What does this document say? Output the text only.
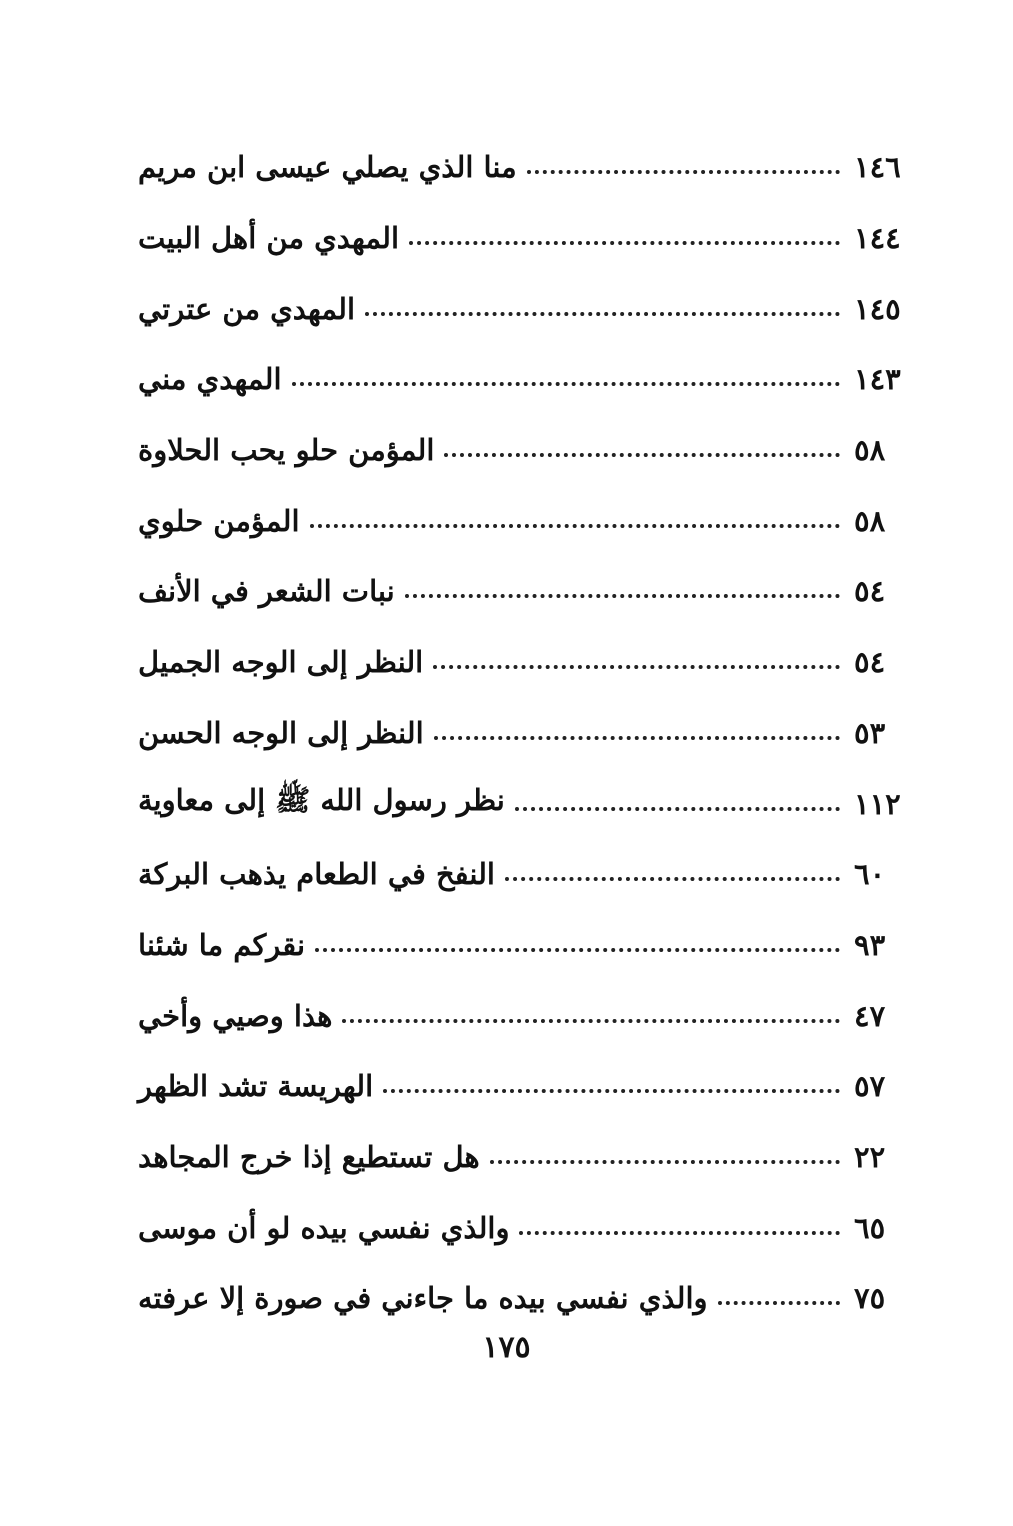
منا الذي يصلي عيسى ابن مريم	١٤٦
المهدي من أهل البيت	١٤٤
المهدي من عترتي	١٤٥
المهدي مني	١٤٣
المؤمن حلو يحب الحلاوة	٥٨
المؤمن حلوي	٥٨
نبات الشعر في الأنف	٥٤
النظر إلى الوجه الجميل	٥٤
النظر إلى الوجه الحسن	٥٣
نظر رسول الله ﷺ إلى معاوية	١١٢
النفخ في الطعام يذهب البركة	٦٠
نقركم ما شئنا	٩٣
هذا وصيي وأخي	٤٧
الهريسة تشد الظهر	٥٧
هل تستطيع إذا خرج المجاهد	٢٢
والذي نفسي بيده لو أن موسى	٦٥
والذي نفسي بيده ما جاءني في صورة إلا عرفته	٧٥
١٧٥
